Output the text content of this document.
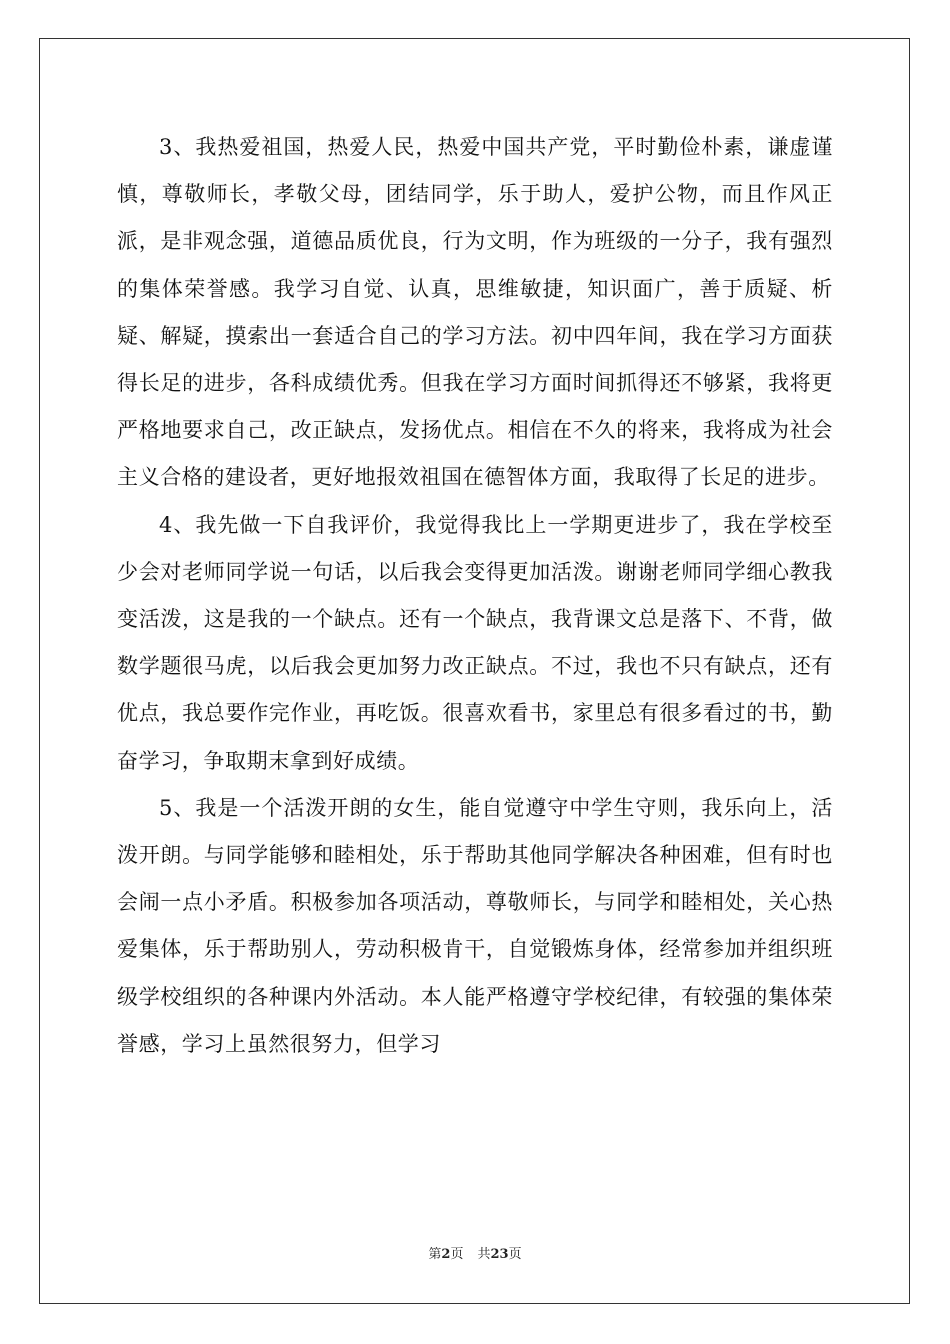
3、我热爱祖国，热爱人民，热爱中国共产党，平时勤俭朴素，谦虚谨慎，尊敬师长，孝敬父母，团结同学，乐于助人，爱护公物，而且作风正派，是非观念强，道德品质优良，行为文明，作为班级的一分子，我有强烈的集体荣誉感。我学习自觉、认真，思维敏捷，知识面广，善于质疑、析疑、解疑，摸索出一套适合自己的学习方法。初中四年间，我在学习方面获得长足的进步，各科成绩优秀。但我在学习方面时间抓得还不够紧，我将更严格地要求自己，改正缺点，发扬优点。相信在不久的将来，我将成为社会主义合格的建设者，更好地报效祖国在德智体方面，我取得了长足的进步。

4、我先做一下自我评价，我觉得我比上一学期更进步了，我在学校至少会对老师同学说一句话，以后我会变得更加活泼。谢谢老师同学细心教我变活泼，这是我的一个缺点。还有一个缺点，我背课文总是落下、不背，做数学题很马虎，以后我会更加努力改正缺点。不过，我也不只有缺点，还有优点，我总要作完作业，再吃饭。很喜欢看书，家里总有很多看过的书，勤奋学习，争取期末拿到好成绩。

5、我是一个活泼开朗的女生，能自觉遵守中学生守则，我乐向上，活泼开朗。与同学能够和睦相处，乐于帮助其他同学解决各种困难，但有时也会闹一点小矛盾。积极参加各项活动，尊敬师长，与同学和睦相处，关心热爱集体，乐于帮助别人，劳动积极肯干，自觉锻炼身体，经常参加并组织班级学校组织的各种课内外活动。本人能严格遵守学校纪律，有较强的集体荣誉感，学习上虽然很努力，但学习

第2页 共23页
